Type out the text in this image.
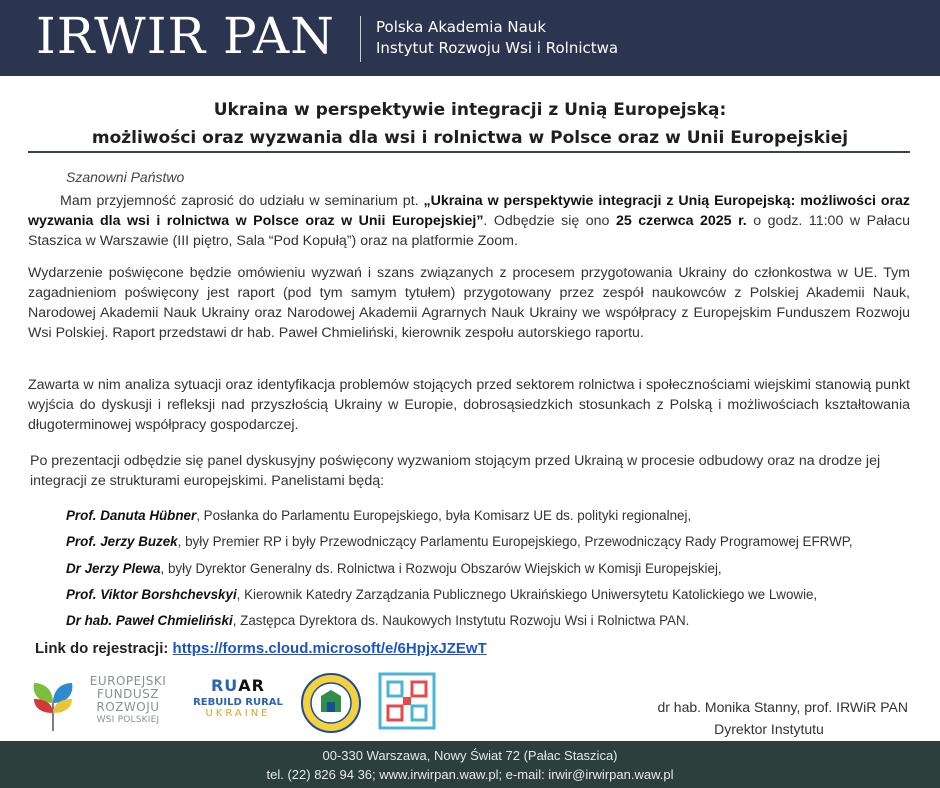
IRWIR PAN	Polska Akademia Nauk
Instytut Rozwoju Wsi i Rolnictwa
Ukraina w perspektywie integracji z Unią Europejską:
możliwości oraz wyzwania dla wsi i rolnictwa w Polsce oraz w Unii Europejskiej
Szanowni Państwo
Mam przyjemność zaprosić do udziału w seminarium pt. „Ukraina w perspektywie integracji z Unią Europejską: możliwości oraz wyzwania dla wsi i rolnictwa w Polsce oraz w Unii Europejskiej”. Odbędzie się ono 25 czerwca 2025 r. o godz. 11:00 w Pałacu Staszica w Warszawie (III piętro, Sala “Pod Kopułą”) oraz na platformie Zoom.
Wydarzenie poświęcone będzie omówieniu wyzwań i szans związanych z procesem przygotowania Ukrainy do członkostwa w UE. Tym zagadnieniom poświęcony jest raport (pod tym samym tytułem) przygotowany przez zespół naukowców z Polskiej Akademii Nauk, Narodowej Akademii Nauk Ukrainy oraz Narodowej Akademii Agrarnych Nauk Ukrainy we współpracy z Europejskim Funduszem Rozwoju Wsi Polskiej. Raport przedstawi dr hab. Paweł Chmieliński, kierownik zespołu autorskiego raportu.
Zawarta w nim analiza sytuacji oraz identyfikacja problemów stojących przed sektorem rolnictwa i społecznościami wiejskimi stanowią punkt wyjścia do dyskusji i refleksji nad przyszłością Ukrainy w Europie, dobrosąsiedzkich stosunkach z Polską i możliwościach kształtowania długoterminowej współpracy gospodarczej.
Po prezentacji odbędzie się panel dyskusyjny poświęcony wyzwaniom stojącym przed Ukrainą w procesie odbudowy oraz na drodze jej integracji ze strukturami europejskimi. Panelistami będą:
Prof. Danuta Hübner, Posłanka do Parlamentu Europejskiego, była Komisarz UE ds. polityki regionalnej,
Prof. Jerzy Buzek, były Premier RP i były Przewodniczący Parlamentu Europejskiego, Przewodniczący Rady Programowej EFRWP,
Dr Jerzy Plewa, były Dyrektor Generalny ds. Rolnictwa i Rozwoju Obszarów Wiejskich w Komisji Europejskiej,
Prof. Viktor Borshchevskyi, Kierownik Katedry Zarządzania Publicznego Ukraińskiego Uniwersytetu Katolickiego we Lwowie,
Dr hab. Paweł Chmieliński, Zastępca Dyrektora ds. Naukowych Instytutu Rozwoju Wsi i Rolnictwa PAN.
Link do rejestracji: https://forms.cloud.microsoft/e/6HpjxJZEwT
EUROPEJSKI
FUNDUSZ
ROZWOJU
WSI POLSKIEJ
RUAR
REBUILD RURAL
UKRAINE	dr hab. Monika Stanny, prof. IRWiR PAN
Dyrektor Instytutu
00-330 Warszawa, Nowy Świat 72 (Pałac Staszica)
tel. (22) 826 94 36; www.irwirpan.waw.pl; e-mail: irwir@irwirpan.waw.pl
